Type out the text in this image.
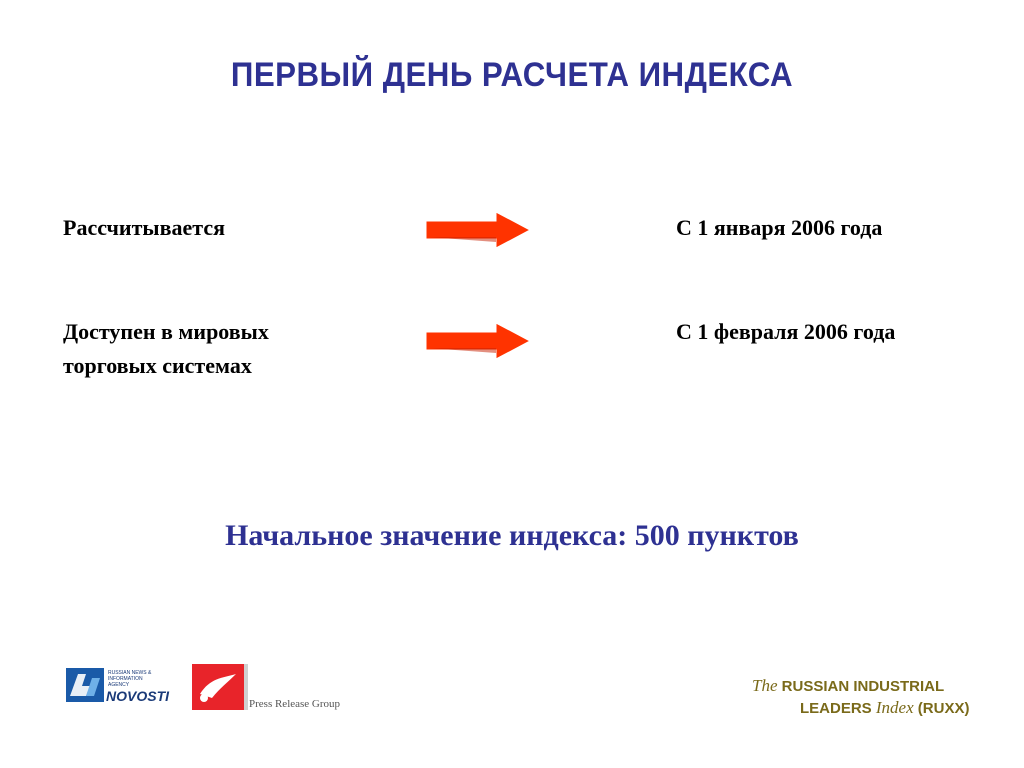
ПЕРВЫЙ ДЕНЬ РАСЧЕТА ИНДЕКСА
Рассчитывается	С 1 января 2006 года
Доступен в мировых
торговых системах
С 1 февраля 2006 года
Начальное значение индекса: 500 пунктов
RUSSIAN NEWS &
INFORMATION
AGENCY
NOVOSTI	Press Release Group
The RUSSIAN INDUSTRIAL
LEADERS Index (RUXX)
